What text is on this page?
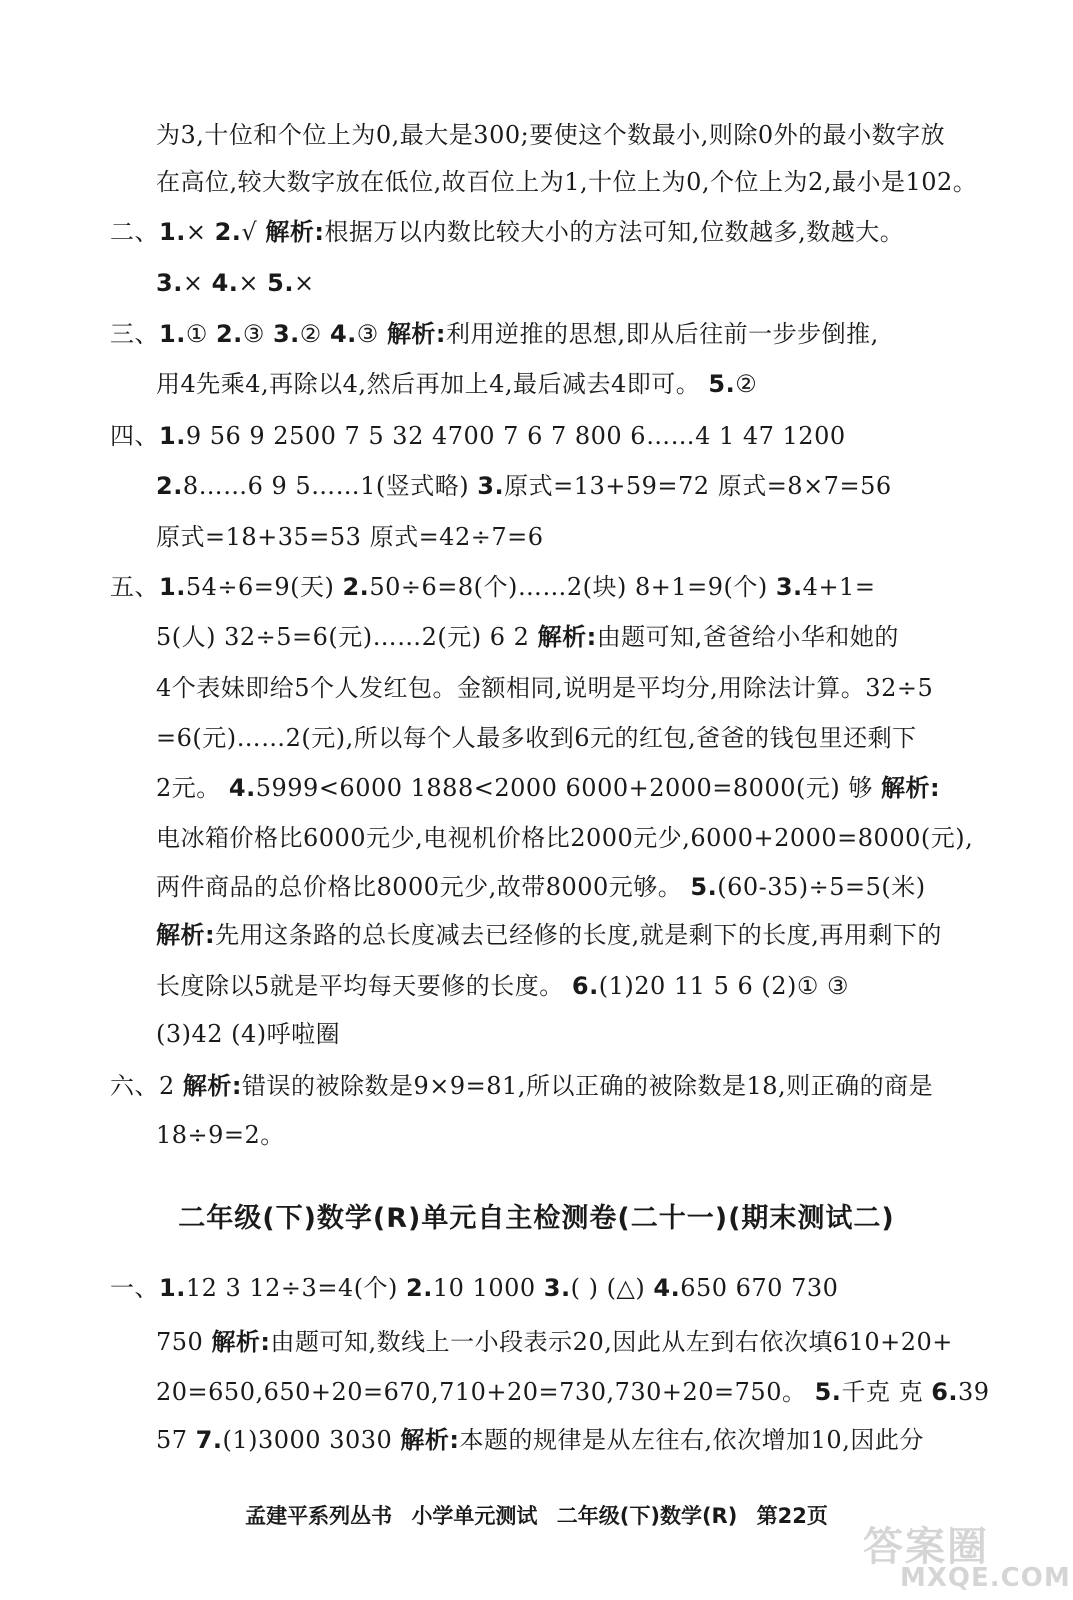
为3,十位和个位上为0,最大是300;要使这个数最小,则除0外的最小数字放
在高位,较大数字放在低位,故百位上为1,十位上为0,个位上为2,最小是102。
二、1.× 2.√ 解析:根据万以内数比较大小的方法可知,位数越多,数越大。
3.× 4.× 5.×
三、1.① 2.③ 3.② 4.③ 解析:利用逆推的思想,即从后往前一步步倒推,
用4先乘4,再除以4,然后再加上4,最后减去4即可。 5.②
四、1.9 56 9 2500 7 5 32 4700 7 6 7 800 6……4 1 47 1200
2.8……6 9 5……1(竖式略) 3.原式=13+59=72 原式=8×7=56
原式=18+35=53 原式=42÷7=6
五、1.54÷6=9(天) 2.50÷6=8(个)……2(块) 8+1=9(个) 3.4+1=
5(人) 32÷5=6(元)……2(元) 6 2 解析:由题可知,爸爸给小华和她的
4个表妹即给5个人发红包。金额相同,说明是平均分,用除法计算。32÷5
=6(元)……2(元),所以每个人最多收到6元的红包,爸爸的钱包里还剩下
2元。 4.5999<6000 1888<2000 6000+2000=8000(元) 够 解析:
电冰箱价格比6000元少,电视机价格比2000元少,6000+2000=8000(元),
两件商品的总价格比8000元少,故带8000元够。 5.(60-35)÷5=5(米)
解析:先用这条路的总长度减去已经修的长度,就是剩下的长度,再用剩下的
长度除以5就是平均每天要修的长度。 6.(1)20 11 5 6 (2)① ③
(3)42 (4)呼啦圈
六、2 解析:错误的被除数是9×9=81,所以正确的被除数是18,则正确的商是
18÷9=2。
一、1.12 3 12÷3=4(个) 2.10 1000 3.( ) (△) 4.650 670 730
750 解析:由题可知,数线上一小段表示20,因此从左到右依次填610+20+
20=650,650+20=670,710+20=730,730+20=750。 5.千克 克 6.39
57 7.(1)3000 3030 解析:本题的规律是从左往右,依次增加10,因此分
二年级(下)数学(R)单元自主检测卷(二十一)(期末测试二)
孟建平系列丛书 小学单元测试 二年级(下)数学(R) 第22页
答案圈
MXQE.COM
